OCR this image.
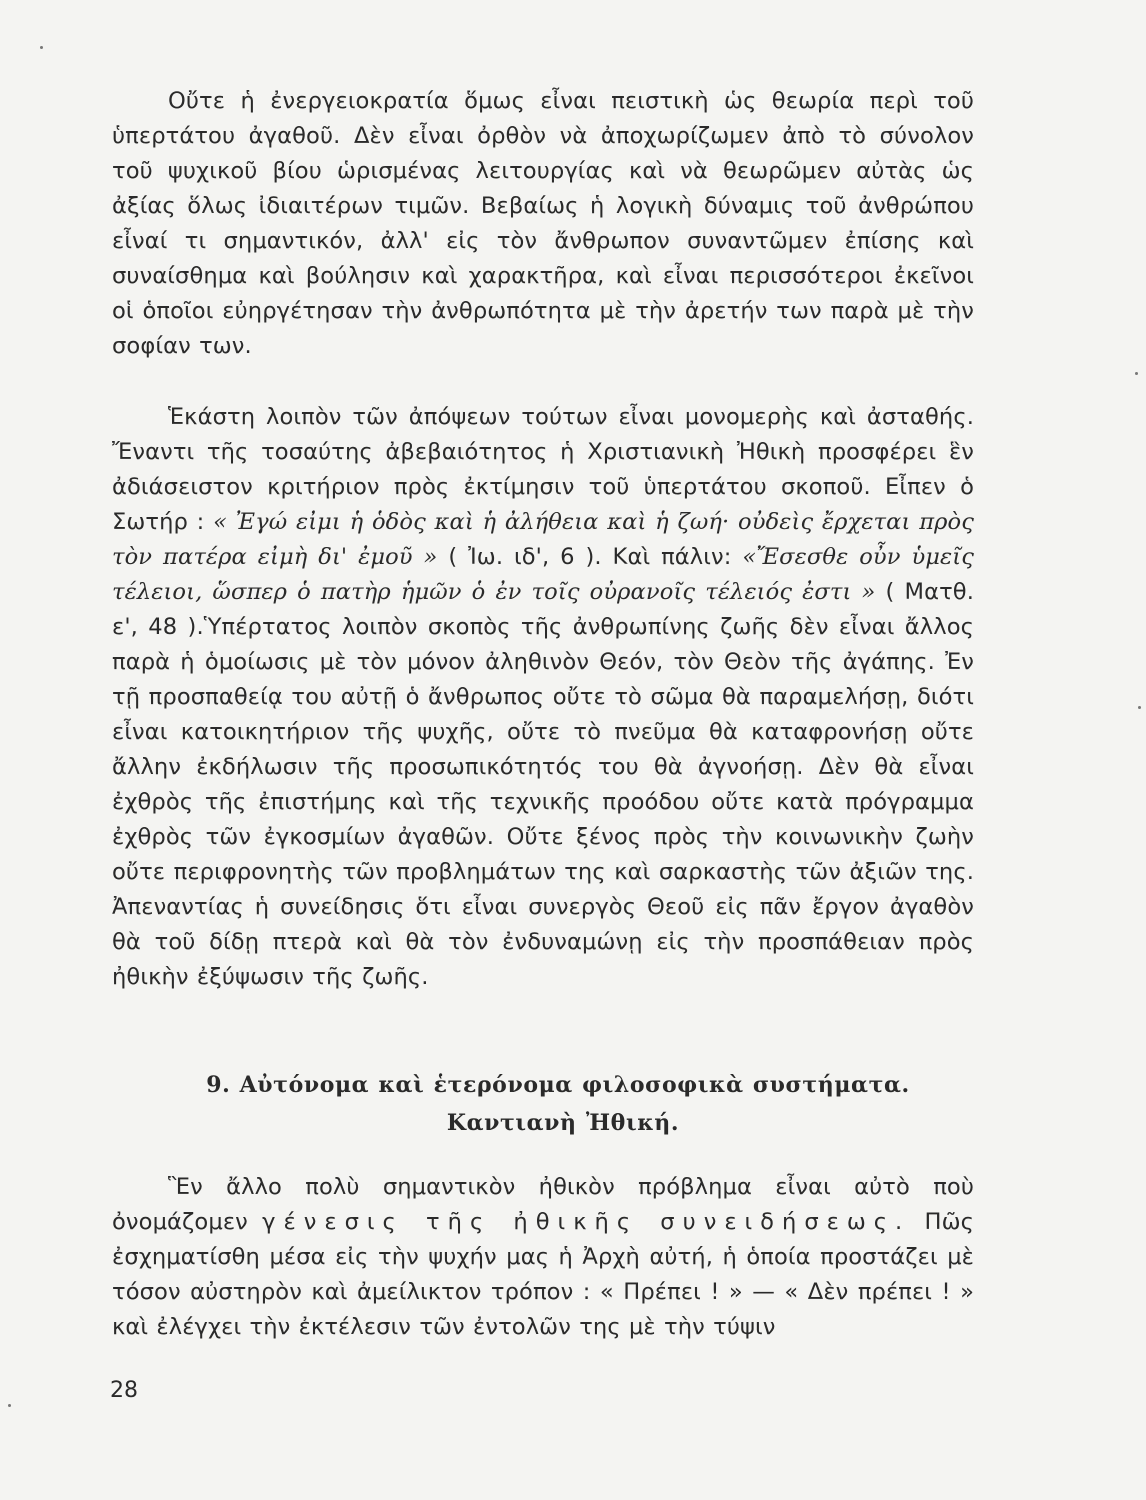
Οὔτε ἡ ἐνεργειοκρατία ὅμως εἶναι πειστικὴ ὡς θεωρία περὶ τοῦ ὑπερτάτου ἀγαθοῦ. Δὲν εἶναι ὀρθὸν νὰ ἀποχωρίζωμεν ἀπὸ τὸ σύνολον τοῦ ψυχικοῦ βίου ὡρισμένας λειτουργίας καὶ νὰ θεωρῶμεν αὐτὰς ὡς ἀξίας ὅλως ἰδιαιτέρων τιμῶν. Βεβαίως ἡ λογικὴ δύναμις τοῦ ἀνθρώπου εἶναί τι σημαντικόν, ἀλλ' εἰς τὸν ἄνθρωπον συναντῶμεν ἐπίσης καὶ συναίσθημα καὶ βούλησιν καὶ χαρακτῆρα, καὶ εἶναι περισσότεροι ἐκεῖνοι οἱ ὁποῖοι εὐηργέτησαν τὴν ἀνθρωπότητα μὲ τὴν ἀρετήν των παρὰ μὲ τὴν σοφίαν των.

Ἑκάστη λοιπὸν τῶν ἀπόψεων τούτων εἶναι μονομερὴς καὶ ἀσταθής. Ἔναντι τῆς τοσαύτης ἀβεβαιότητος ἡ Χριστιανικὴ Ἠθικὴ προσφέρει ἓν ἀδιάσειστον κριτήριον πρὸς ἐκτίμησιν τοῦ ὑπερτάτου σκοποῦ. Εἶπεν ὁ Σωτήρ : « Ἐγώ εἰμι ἡ ὁδὸς καὶ ἡ ἀλήθεια καὶ ἡ ζωή· οὐδεὶς ἔρχεται πρὸς τὸν πατέρα εἰμὴ δι' ἐμοῦ » ( Ἰω. ιδ', 6 ). Καὶ πάλιν: «Ἔσεσθε οὖν ὑμεῖς τέλειοι, ὥσπερ ὁ πατὴρ ἡμῶν ὁ ἐν τοῖς οὐρανοῖς τέλειός ἐστι » ( Ματθ. ε', 48 ).Ὑπέρτατος λοιπὸν σκοπὸς τῆς ἀνθρωπίνης ζωῆς δὲν εἶναι ἄλλος παρὰ ἡ ὁμοίωσις μὲ τὸν μόνον ἀληθινὸν Θεόν, τὸν Θεὸν τῆς ἀγάπης. Ἐν τῇ προσπαθείᾳ του αὐτῇ ὁ ἄνθρωπος οὔτε τὸ σῶμα θὰ παραμελήσῃ, διότι εἶναι κατοικητήριον τῆς ψυχῆς, οὔτε τὸ πνεῦμα θὰ καταφρονήσῃ οὔτε ἄλλην ἐκδήλωσιν τῆς προσωπικότητός του θὰ ἀγνοήσῃ. Δὲν θὰ εἶναι ἐχθρὸς τῆς ἐπιστήμης καὶ τῆς τεχνικῆς προόδου οὔτε κατὰ πρόγραμμα ἐχθρὸς τῶν ἐγκοσμίων ἀγαθῶν. Οὔτε ξένος πρὸς τὴν κοινωνικὴν ζωὴν οὔτε περιφρονητὴς τῶν προβλημάτων της καὶ σαρκαστὴς τῶν ἀξιῶν της. Ἀπεναντίας ἡ συνείδησις ὅτι εἶναι συνεργὸς Θεοῦ εἰς πᾶν ἔργον ἀγαθὸν θὰ τοῦ δίδῃ πτερὰ καὶ θὰ τὸν ἐνδυναμώνῃ εἰς τὴν προσπάθειαν πρὸς ἠθικὴν ἐξύψωσιν τῆς ζωῆς.

9. Αὐτόνομα καὶ ἑτερόνομα φιλοσοφικὰ συστήματα.
Καντιανὴ Ἠθική.

Ἓν ἄλλο πολὺ σημαντικὸν ἠθικὸν πρόβλημα εἶναι αὐτὸ ποὺ ὀνομάζομεν γένεσις τῆς ἠθικῆς συνειδήσεως. Πῶς ἐσχηματίσθη μέσα εἰς τὴν ψυχήν μας ἡ Ἀρχὴ αὐτή, ἡ ὁποία προστάζει μὲ τόσον αὐστηρὸν καὶ ἀμείλικτον τρόπον : « Πρέπει ! » — « Δὲν πρέπει ! » καὶ ἐλέγχει τὴν ἐκτέλεσιν τῶν ἐντολῶν της μὲ τὴν τύψιν

28
